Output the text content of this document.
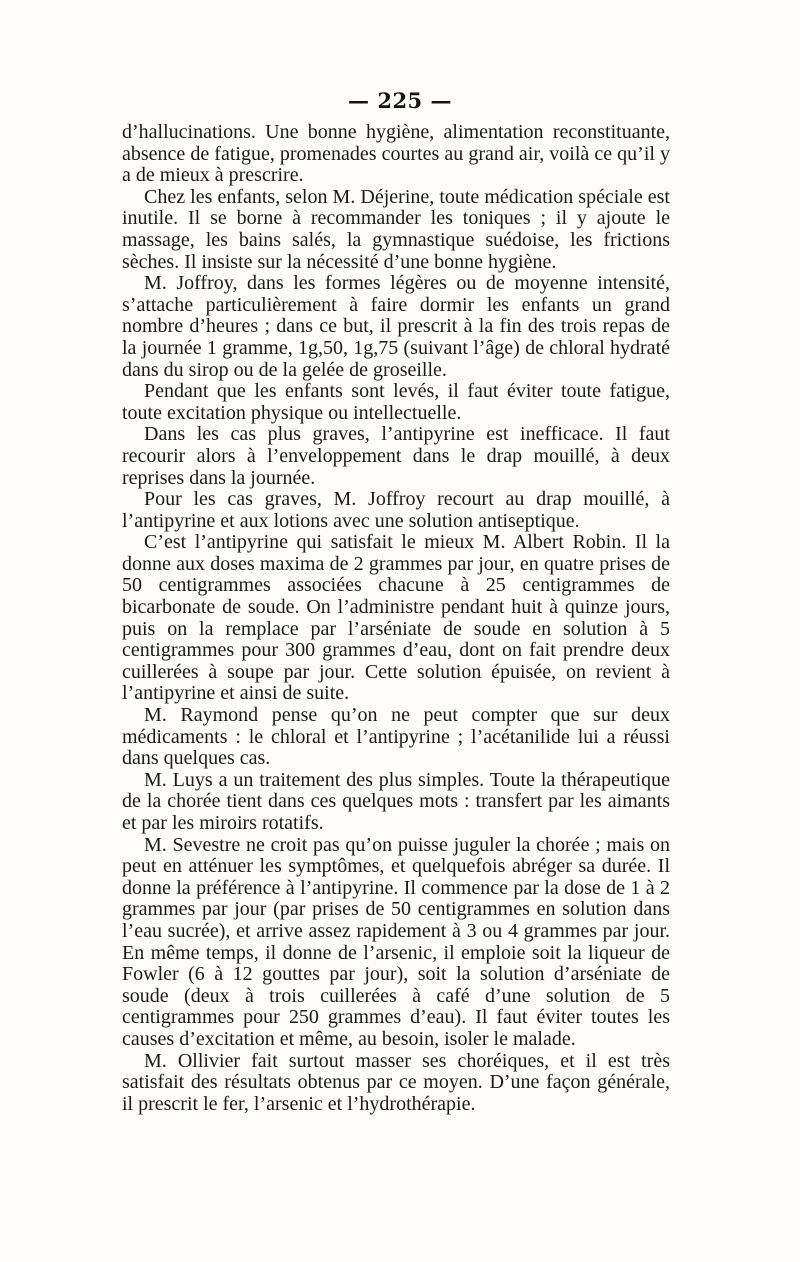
— 225 —

d’hallucinations. Une bonne hygiène, alimentation reconstituante, absence de fatigue, promenades courtes au grand air, voilà ce qu’il y a de mieux à prescrire.

Chez les enfants, selon M. Déjerine, toute médication spéciale est inutile. Il se borne à recommander les toniques ; il y ajoute le massage, les bains salés, la gymnastique suédoise, les frictions sèches. Il insiste sur la nécessité d’une bonne hygiène.

M. Joffroy, dans les formes légères ou de moyenne intensité, s’attache particulièrement à faire dormir les enfants un grand nombre d’heures ; dans ce but, il prescrit à la fin des trois repas de la journée 1 gramme, 1g,50, 1g,75 (suivant l’âge) de chloral hydraté dans du sirop ou de la gelée de groseille.

Pendant que les enfants sont levés, il faut éviter toute fatigue, toute excitation physique ou intellectuelle.

Dans les cas plus graves, l’antipyrine est inefficace. Il faut recourir alors à l’enveloppement dans le drap mouillé, à deux reprises dans la journée.

Pour les cas graves, M. Joffroy recourt au drap mouillé, à l’antipyrine et aux lotions avec une solution antiseptique.

C’est l’antipyrine qui satisfait le mieux M. Albert Robin. Il la donne aux doses maxima de 2 grammes par jour, en quatre prises de 50 centigrammes associées chacune à 25 centigrammes de bicarbonate de soude. On l’administre pendant huit à quinze jours, puis on la remplace par l’arséniate de soude en solution à 5 centigrammes pour 300 grammes d’eau, dont on fait prendre deux cuillerées à soupe par jour. Cette solution épuisée, on revient à l’antipyrine et ainsi de suite.

M. Raymond pense qu’on ne peut compter que sur deux médicaments : le chloral et l’antipyrine ; l’acétanilide lui a réussi dans quelques cas.

M. Luys a un traitement des plus simples. Toute la thérapeutique de la chorée tient dans ces quelques mots : transfert par les aimants et par les miroirs rotatifs.

M. Sevestre ne croit pas qu’on puisse juguler la chorée ; mais on peut en atténuer les symptômes, et quelquefois abréger sa durée. Il donne la préférence à l’antipyrine. Il commence par la dose de 1 à 2 grammes par jour (par prises de 50 centigrammes en solution dans l’eau sucrée), et arrive assez rapidement à 3 ou 4 grammes par jour. En même temps, il donne de l’arsenic, il emploie soit la liqueur de Fowler (6 à 12 gouttes par jour), soit la solution d’arséniate de soude (deux à trois cuillerées à café d’une solution de 5 centigrammes pour 250 grammes d’eau). Il faut éviter toutes les causes d’excitation et même, au besoin, isoler le malade.

M. Ollivier fait surtout masser ses choréiques, et il est très satisfait des résultats obtenus par ce moyen. D’une façon générale, il prescrit le fer, l’arsenic et l’hydrothérapie.
